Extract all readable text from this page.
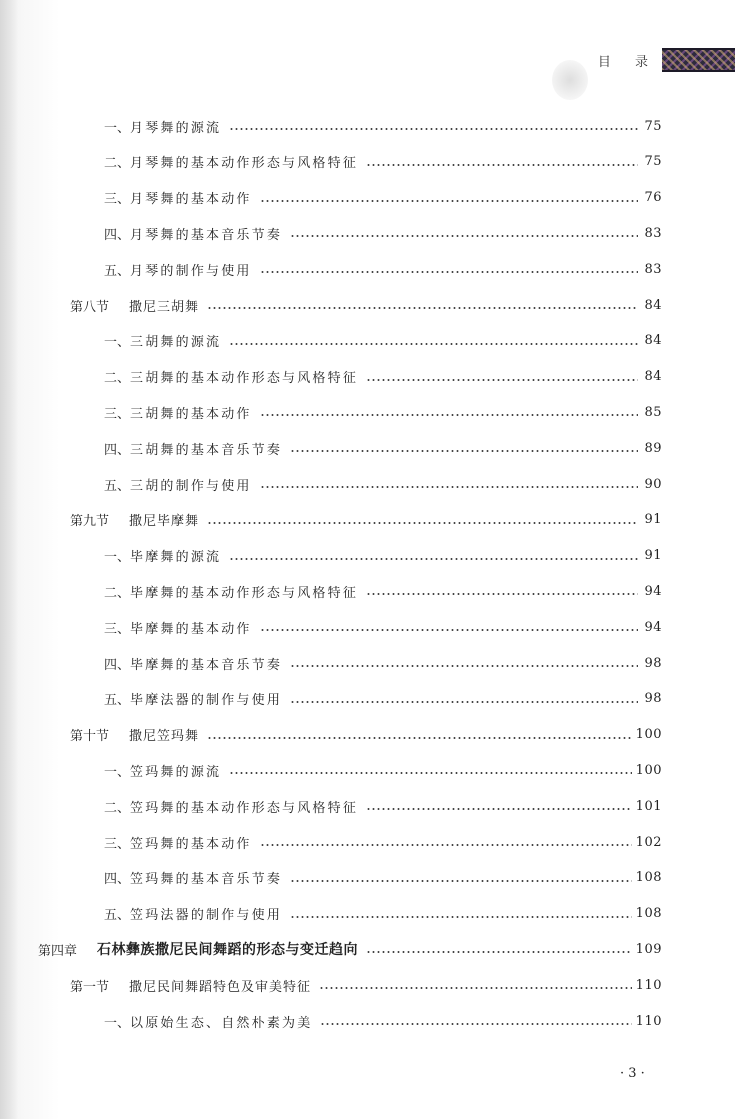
目 录
一、 月琴舞的源流	75
二、 月琴舞的基本动作形态与风格特征	75
三、 月琴舞的基本动作	76
四、 月琴舞的基本音乐节奏	83
五、 月琴的制作与使用	83
第八节 撒尼三胡舞	84
一、 三胡舞的源流	84
二、 三胡舞的基本动作形态与风格特征	84
三、 三胡舞的基本动作	85
四、 三胡舞的基本音乐节奏	89
五、 三胡的制作与使用	90
第九节 撒尼毕摩舞	91
一、 毕摩舞的源流	91
二、 毕摩舞的基本动作形态与风格特征	94
三、 毕摩舞的基本动作	94
四、 毕摩舞的基本音乐节奏	98
五、 毕摩法器的制作与使用	98
第十节 撒尼笠玛舞	100
一、 笠玛舞的源流	100
二、 笠玛舞的基本动作形态与风格特征	101
三、 笠玛舞的基本动作	102
四、 笠玛舞的基本音乐节奏	108
五、 笠玛法器的制作与使用	108
第四章 石林彝族撒尼民间舞蹈的形态与变迁趋向	109
第一节 撒尼民间舞蹈特色及审美特征	110
一、 以原始生态、自然朴素为美	110
· 3 ·
